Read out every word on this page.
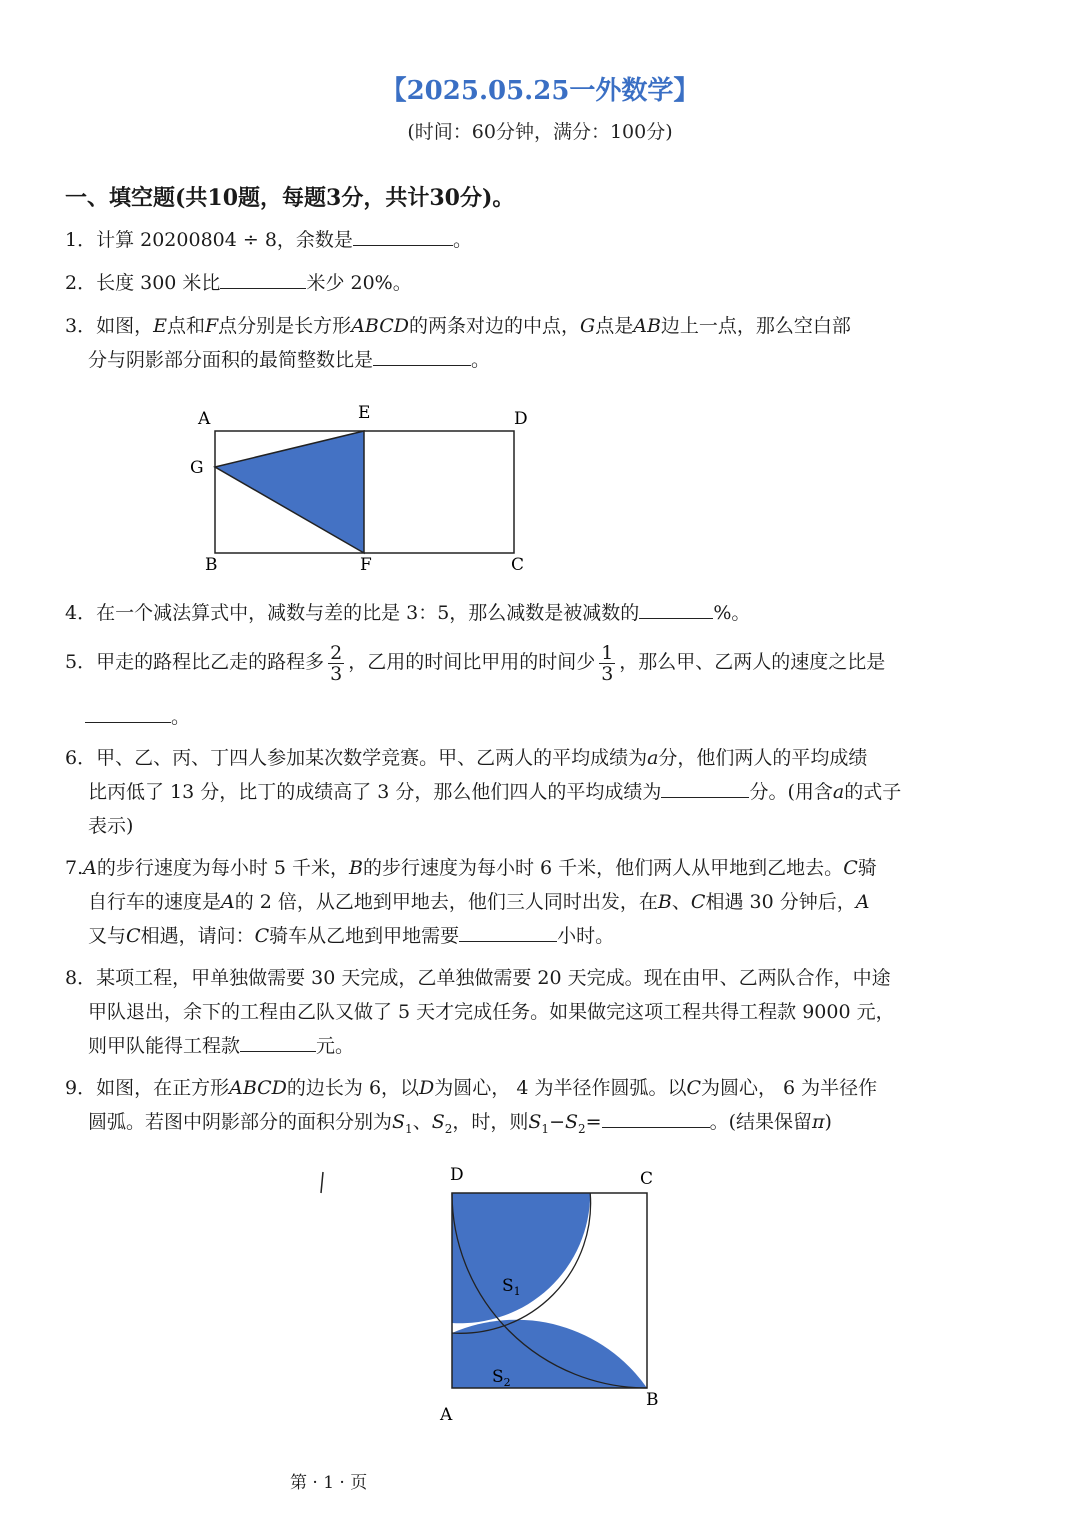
【2025.05.25一外数学】
(时间：60分钟，满分：100分)
一、填空题(共10题，每题3分，共计30分)。
1．计算 20200804 ÷ 8，余数是	。
2．长度 300 米比	米少 20%。
3．如图，E点和F点分别是长方形ABCD的两条对边的中点，G点是AB边上一点，那么空白部
分与阴影部分面积的最简整数比是	。
A	E	D
G
B	F	C
4．在一个减法算式中，减数与差的比是 3：5，那么减数是被减数的	%。
5．甲走的路程比乙走的路程多 $\frac{2}{3}$ ，乙用的时间比甲用的时间少 $\frac{1}{3}$ ，那么甲、乙两人的速度之比是
。
6．甲、乙、丙、丁四人参加某次数学竞赛。甲、乙两人的平均成绩为a分，他们两人的平均成绩
比丙低了 13 分，比丁的成绩高了 3 分，那么他们四人的平均成绩为	分。(用含a的式子
表示)
7.A的步行速度为每小时 5 千米，B的步行速度为每小时 6 千米，他们两人从甲地到乙地去。C骑
自行车的速度是A的 2 倍，从乙地到甲地去，他们三人同时出发，在B、C相遇 30 分钟后，A
又与C相遇，请问：C骑车从乙地到甲地需要	小时。
8．某项工程，甲单独做需要 30 天完成，乙单独做需要 20 天完成。现在由甲、乙两队合作，中途
甲队退出，余下的工程由乙队又做了 5 天才完成任务。如果做完这项工程共得工程款 9000 元，
则甲队能得工程款	元。
9．如图，在正方形ABCD的边长为 6，以D为圆心， 4 为半径作圆弧。以C为圆心， 6 为半径作
圆弧。若图中阴影部分的面积分别为$S_1$、$S_2$，时，则$S_1-S_2=$	。(结果保留π)
D	C
A
B
$S_1$
$S_2$
第 · 1 · 页
